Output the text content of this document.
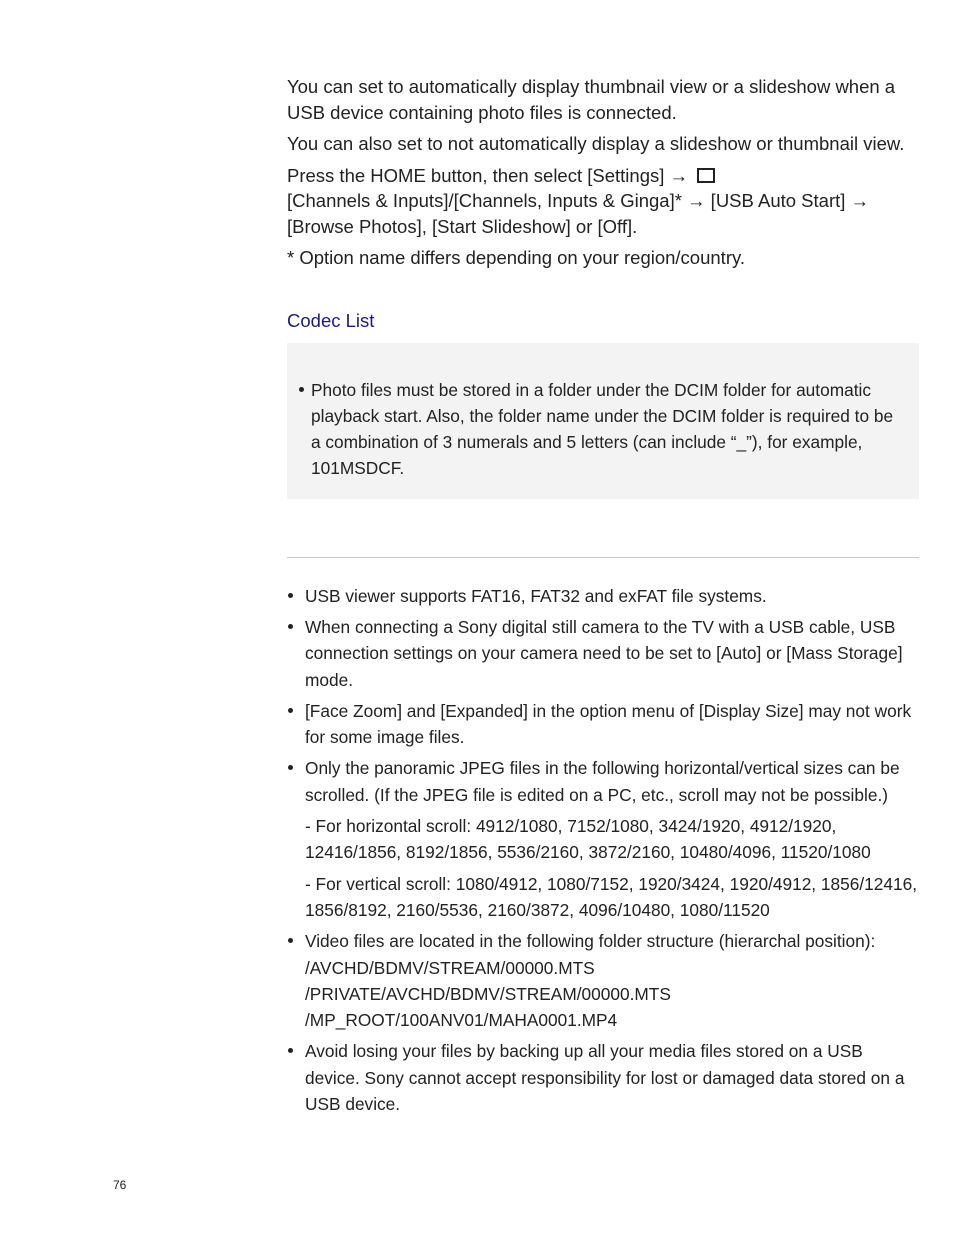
You can set to automatically display thumbnail view or a slideshow when a USB device containing photo files is connected.

You can also set to not automatically display a slideshow or thumbnail view.

Press the HOME button, then select [Settings] →
[Channels & Inputs]/[Channels, Inputs & Ginga]* → [USB Auto Start] → [Browse Photos], [Start Slideshow] or [Off].

* Option name differs depending on your region/country.

Codec List
Photo files must be stored in a folder under the DCIM folder for automatic playback start. Also, the folder name under the DCIM folder is required to be a combination of 3 numerals and 5 letters (can include “_”), for example, 101MSDCF.
USB viewer supports FAT16, FAT32 and exFAT file systems.
When connecting a Sony digital still camera to the TV with a USB cable, USB connection settings on your camera need to be set to [Auto] or [Mass Storage] mode.
[Face Zoom] and [Expanded] in the option menu of [Display Size] may not work for some image files.
Only the panoramic JPEG files in the following horizontal/vertical sizes can be scrolled. (If the JPEG file is edited on a PC, etc., scroll may not be possible.)
- For horizontal scroll: 4912/1080, 7152/1080, 3424/1920, 4912/1920, 12416/1856, 8192/1856, 5536/2160, 3872/2160, 10480/4096, 11520/1080
- For vertical scroll: 1080/4912, 1080/7152, 1920/3424, 1920/4912, 1856/12416, 1856/8192, 2160/5536, 2160/3872, 4096/10480, 1080/11520
Video files are located in the following folder structure (hierarchal position):
/AVCHD/BDMV/STREAM/00000.MTS
/PRIVATE/AVCHD/BDMV/STREAM/00000.MTS
/MP_ROOT/100ANV01/MAHA0001.MP4
Avoid losing your files by backing up all your media files stored on a USB device. Sony cannot accept responsibility for lost or damaged data stored on a USB device.
76
